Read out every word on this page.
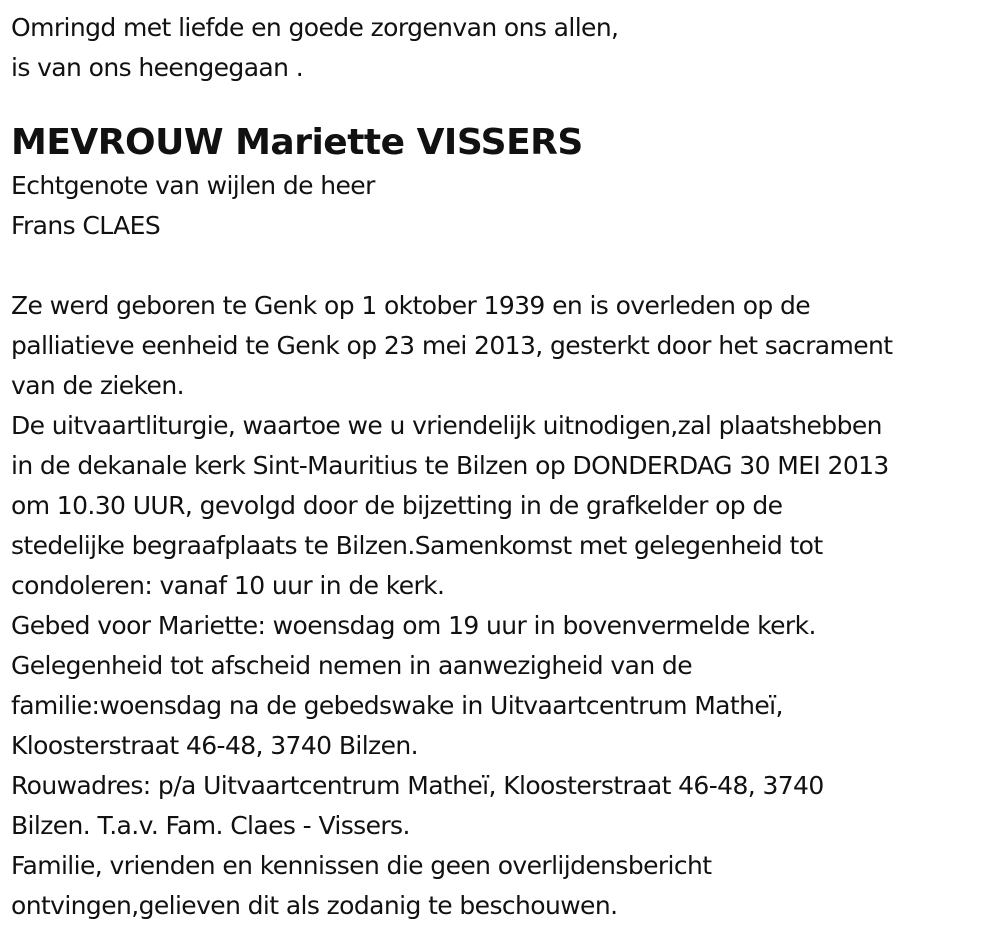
Omringd met liefde en goede zorgenvan ons allen,
is van ons heengegaan .
MEVROUW Mariette VISSERS
Echtgenote van wijlen de heer
Frans CLAES
Ze werd geboren te Genk op 1 oktober 1939 en is overleden op de
palliatieve eenheid te Genk op 23 mei 2013, gesterkt door het sacrament
van de zieken.
De uitvaartliturgie, waartoe we u vriendelijk uitnodigen,zal plaatshebben
in de dekanale kerk Sint-Mauritius te Bilzen op DONDERDAG 30 MEI 2013
om 10.30 UUR, gevolgd door de bijzetting in de grafkelder op de
stedelijke begraafplaats te Bilzen.Samenkomst met gelegenheid tot
condoleren: vanaf 10 uur in de kerk.
Gebed voor Mariette: woensdag om 19 uur in bovenvermelde kerk.
Gelegenheid tot afscheid nemen in aanwezigheid van de
familie:woensdag na de gebedswake in Uitvaartcentrum Matheï,
Kloosterstraat 46-48, 3740 Bilzen.
Rouwadres: p/a Uitvaartcentrum Matheï, Kloosterstraat 46-48, 3740
Bilzen. T.a.v. Fam. Claes - Vissers.
Familie, vrienden en kennissen die geen overlijdensbericht
ontvingen,gelieven dit als zodanig te beschouwen.
